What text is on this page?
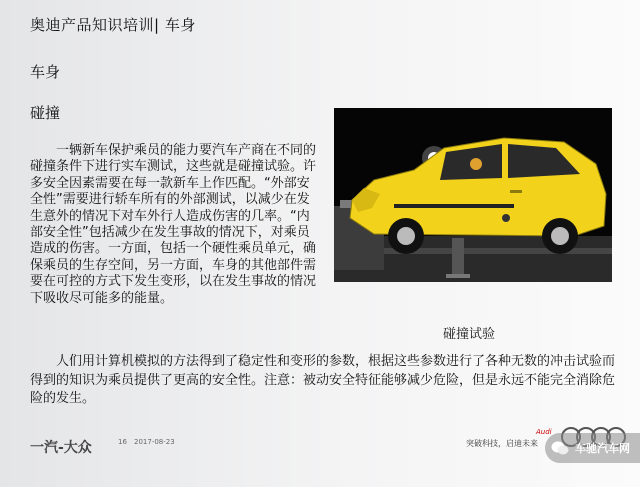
奥迪产品知识培训| 车身
车身
碰撞

一辆新车保护乘员的能力要汽车产商在不同的碰撞条件下进行实车测试，这些就是碰撞试验。许多安全因素需要在每一款新车上作匹配。“外部安全性”需要进行轿车所有的外部测试，以减少在发生意外的情况下对车外行人造成伤害的几率。“内部安全性”包括减少在发生事故的情况下，对乘员造成的伤害。一方面，包括一个硬性乘员单元，确保乘员的生存空间，另一方面，车身的其他部件需要在可控的方式下发生变形，以在发生事故的情况下吸收尽可能多的能量。

碰撞试验

人们用计算机模拟的方法得到了稳定性和变形的参数，根据这些参数进行了各种无数的冲击试验而得到的知识为乘员提供了更高的安全性。注意：被动安全特征能够减少危险，但是永远不能完全消除危险的发生。

一汽-大众	16 2017-08-23	突破科技，启迪未来
Audi
车驰汽车网
